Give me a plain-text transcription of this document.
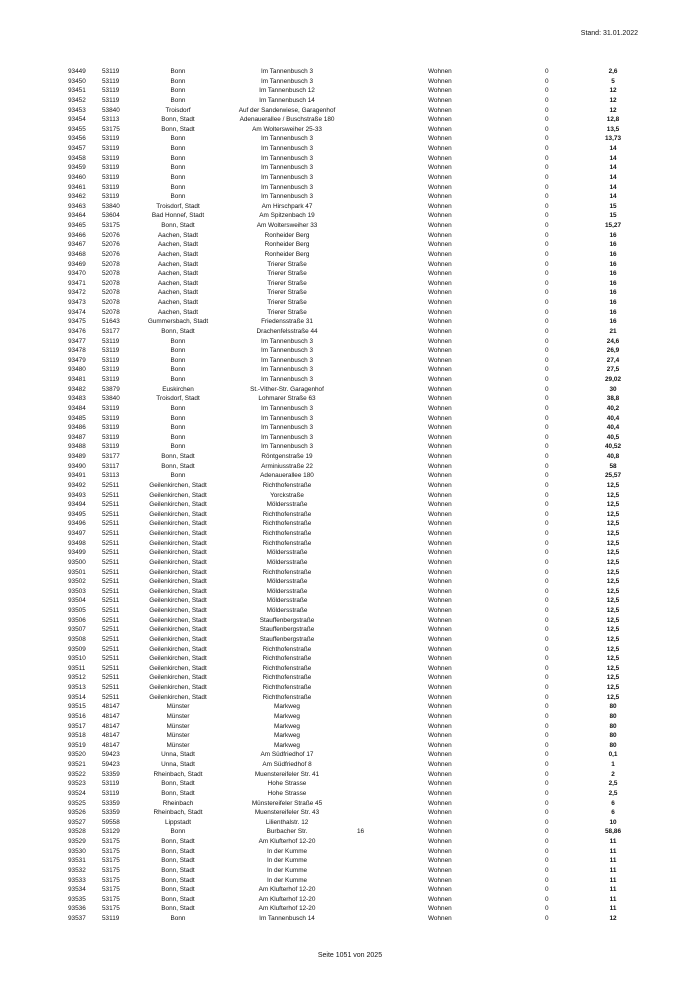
Stand: 31.01.2022
93449	53119	Bonn	Im Tannenbusch 3	Wohnen	0	2,6
93450	53119	Bonn	Im Tannenbusch 3	Wohnen	0	5
93451	53119	Bonn	Im Tannenbusch 12	Wohnen	0	12
93452	53119	Bonn	Im Tannenbusch 14	Wohnen	0	12
93453	53840	Troisdorf	Auf der Sanderwiese, Garagenhof	Wohnen	0	12
93454	53113	Bonn, Stadt	Adenauerallee / Buschstraße 180	Wohnen	0	12,8
93455	53175	Bonn, Stadt	Am Woltersweiher 25-33	Wohnen	0	13,5
93456	53119	Bonn	Im Tannenbusch 3	Wohnen	0	13,73
93457	53119	Bonn	Im Tannenbusch 3	Wohnen	0	14
93458	53119	Bonn	Im Tannenbusch 3	Wohnen	0	14
93459	53119	Bonn	Im Tannenbusch 3	Wohnen	0	14
93460	53119	Bonn	Im Tannenbusch 3	Wohnen	0	14
93461	53119	Bonn	Im Tannenbusch 3	Wohnen	0	14
93462	53119	Bonn	Im Tannenbusch 3	Wohnen	0	14
93463	53840	Troisdorf, Stadt	Am Hirschpark 47	Wohnen	0	15
93464	53604	Bad Honnef, Stadt	Am Spitzenbach 19	Wohnen	0	15
93465	53175	Bonn, Stadt	Am Woltersweiher 33	Wohnen	0	15,27
93466	52076	Aachen, Stadt	Ronheider Berg	Wohnen	0	16
93467	52076	Aachen, Stadt	Ronheider Berg	Wohnen	0	16
93468	52076	Aachen, Stadt	Ronheider Berg	Wohnen	0	16
93469	52078	Aachen, Stadt	Trierer Straße	Wohnen	0	16
93470	52078	Aachen, Stadt	Trierer Straße	Wohnen	0	16
93471	52078	Aachen, Stadt	Trierer Straße	Wohnen	0	16
93472	52078	Aachen, Stadt	Trierer Straße	Wohnen	0	16
93473	52078	Aachen, Stadt	Trierer Straße	Wohnen	0	16
93474	52078	Aachen, Stadt	Trierer Straße	Wohnen	0	16
93475	51643	Gummersbach, Stadt	Friedensstraße 31	Wohnen	0	16
93476	53177	Bonn, Stadt	Drachenfelsstraße 44	Wohnen	0	21
93477	53119	Bonn	Im Tannenbusch 3	Wohnen	0	24,6
93478	53119	Bonn	Im Tannenbusch 3	Wohnen	0	26,9
93479	53119	Bonn	Im Tannenbusch 3	Wohnen	0	27,4
93480	53119	Bonn	Im Tannenbusch 3	Wohnen	0	27,5
93481	53119	Bonn	Im Tannenbusch 3	Wohnen	0	29,02
93482	53879	Euskirchen	St.-Vither-Str. Garagenhof	Wohnen	0	30
93483	53840	Troisdorf, Stadt	Lohmarer Straße 63	Wohnen	0	38,8
93484	53119	Bonn	Im Tannenbusch 3	Wohnen	0	40,2
93485	53119	Bonn	Im Tannenbusch 3	Wohnen	0	40,4
93486	53119	Bonn	Im Tannenbusch 3	Wohnen	0	40,4
93487	53119	Bonn	Im Tannenbusch 3	Wohnen	0	40,5
93488	53119	Bonn	Im Tannenbusch 3	Wohnen	0	40,52
93489	53177	Bonn, Stadt	Röntgenstraße 19	Wohnen	0	40,8
93490	53117	Bonn, Stadt	Arminiusstraße 22	Wohnen	0	58
93491	53113	Bonn	Adenauerallee 180	Wohnen	0	25,57
93492	52511	Geilenkirchen, Stadt	Richthofenstraße	Wohnen	0	12,5
93493	52511	Geilenkirchen, Stadt	Yorckstraße	Wohnen	0	12,5
93494	52511	Geilenkirchen, Stadt	Möldersstraße	Wohnen	0	12,5
93495	52511	Geilenkirchen, Stadt	Richthofenstraße	Wohnen	0	12,5
93496	52511	Geilenkirchen, Stadt	Richthofenstraße	Wohnen	0	12,5
93497	52511	Geilenkirchen, Stadt	Richthofenstraße	Wohnen	0	12,5
93498	52511	Geilenkirchen, Stadt	Richthofenstraße	Wohnen	0	12,5
93499	52511	Geilenkirchen, Stadt	Möldersstraße	Wohnen	0	12,5
93500	52511	Geilenkirchen, Stadt	Möldersstraße	Wohnen	0	12,5
93501	52511	Geilenkirchen, Stadt	Richthofenstraße	Wohnen	0	12,5
93502	52511	Geilenkirchen, Stadt	Möldersstraße	Wohnen	0	12,5
93503	52511	Geilenkirchen, Stadt	Möldersstraße	Wohnen	0	12,5
93504	52511	Geilenkirchen, Stadt	Möldersstraße	Wohnen	0	12,5
93505	52511	Geilenkirchen, Stadt	Möldersstraße	Wohnen	0	12,5
93506	52511	Geilenkirchen, Stadt	Stauffenbergstraße	Wohnen	0	12,5
93507	52511	Geilenkirchen, Stadt	Stauffenbergstraße	Wohnen	0	12,5
93508	52511	Geilenkirchen, Stadt	Stauffenbergstraße	Wohnen	0	12,5
93509	52511	Geilenkirchen, Stadt	Richthofenstraße	Wohnen	0	12,5
93510	52511	Geilenkirchen, Stadt	Richthofenstraße	Wohnen	0	12,5
93511	52511	Geilenkirchen, Stadt	Richthofenstraße	Wohnen	0	12,5
93512	52511	Geilenkirchen, Stadt	Richthofenstraße	Wohnen	0	12,5
93513	52511	Geilenkirchen, Stadt	Richthofenstraße	Wohnen	0	12,5
93514	52511	Geilenkirchen, Stadt	Richthofenstraße	Wohnen	0	12,5
93515	48147	Münster	Markweg	Wohnen	0	80
93516	48147	Münster	Markweg	Wohnen	0	80
93517	48147	Münster	Markweg	Wohnen	0	80
93518	48147	Münster	Markweg	Wohnen	0	80
93519	48147	Münster	Markweg	Wohnen	0	80
93520	59423	Unna, Stadt	Am Südfriedhof 17	Wohnen	0	0,1
93521	59423	Unna, Stadt	Am Südfriedhof 8	Wohnen	0	1
93522	53359	Rheinbach, Stadt	Muenstereifeler Str. 41	Wohnen	0	2
93523	53119	Bonn, Stadt	Hohe Strasse	Wohnen	0	2,5
93524	53119	Bonn, Stadt	Hohe Strasse	Wohnen	0	2,5
93525	53359	Rheinbach	Münstereifeler Straße 45	Wohnen	0	6
93526	53359	Rheinbach, Stadt	Muenstereifeler Str. 43	Wohnen	0	6
93527	59558	Lippstadt	Lilienthalstr. 12	Wohnen	0	10
93528	53129	Bonn	Burbacher Str.	16	Wohnen	0	58,86
93529	53175	Bonn, Stadt	Am Klufterhof 12-20	Wohnen	0	11
93530	53175	Bonn, Stadt	In der Kumme	Wohnen	0	11
93531	53175	Bonn, Stadt	In der Kumme	Wohnen	0	11
93532	53175	Bonn, Stadt	In der Kumme	Wohnen	0	11
93533	53175	Bonn, Stadt	In der Kumme	Wohnen	0	11
93534	53175	Bonn, Stadt	Am Klufterhof 12-20	Wohnen	0	11
93535	53175	Bonn, Stadt	Am Klufterhof 12-20	Wohnen	0	11
93536	53175	Bonn, Stadt	Am Klufterhof 12-20	Wohnen	0	11
93537	53119	Bonn	Im Tannenbusch 14	Wohnen	0	12
Seite 1051 von 2025
